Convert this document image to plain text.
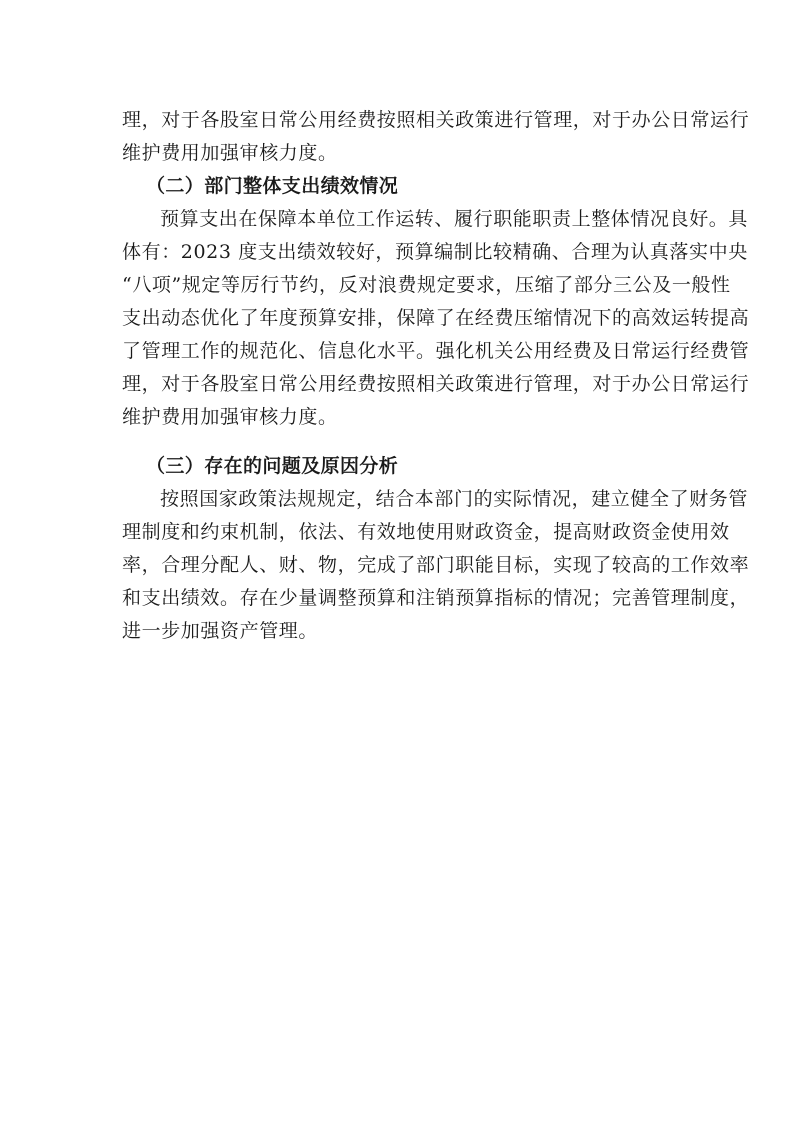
理，对于各股室日常公用经费按照相关政策进行管理，对于办公日常运行
维护费用加强审核力度。

（二）部门整体支出绩效情况

预算支出在保障本单位工作运转、履行职能职责上整体情况良好。具
体有：2023 度支出绩效较好，预算编制比较精确、合理为认真落实中央
“八项”规定等厉行节约，反对浪费规定要求，压缩了部分三公及一般性
支出动态优化了年度预算安排，保障了在经费压缩情况下的高效运转提高
了管理工作的规范化、信息化水平。强化机关公用经费及日常运行经费管
理，对于各股室日常公用经费按照相关政策进行管理，对于办公日常运行
维护费用加强审核力度。

（三）存在的问题及原因分析

按照国家政策法规规定，结合本部门的实际情况，建立健全了财务管
理制度和约束机制，依法、有效地使用财政资金，提高财政资金使用效
率，合理分配人、财、物，完成了部门职能目标，实现了较高的工作效率
和支出绩效。存在少量调整预算和注销预算指标的情况；完善管理制度，
进一步加强资产管理。
